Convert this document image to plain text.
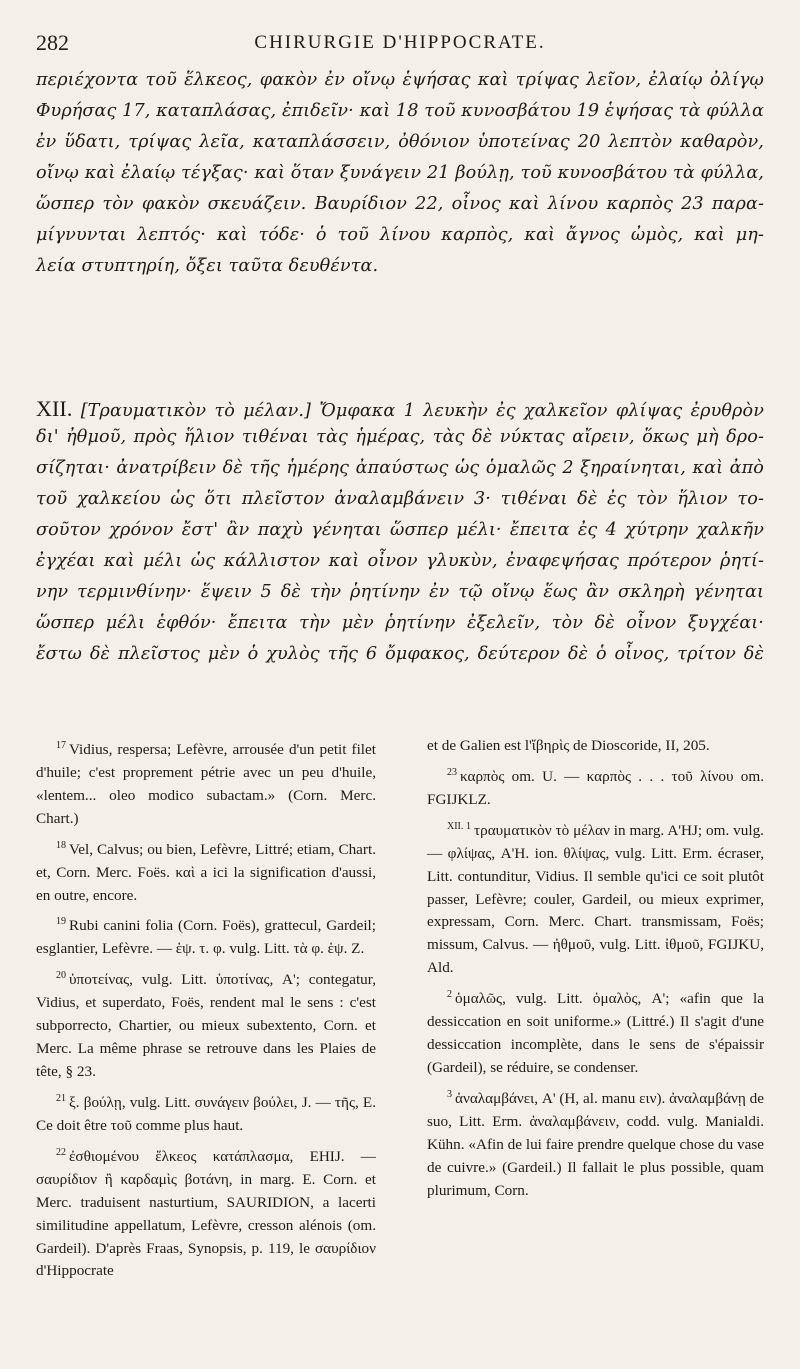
282	CHIRURGIE D'HIPPOCRATE.
περιέχοντα τοῦ ἕλκεος, φακὸν ἐν οἴνῳ ἑψήσας καὶ τρίψας λεῖον, ἐλαίῳ ὀλίγῳ
Φυρήσας 17, καταπλάσας, ἐπιδεῖν· καὶ 18 τοῦ κυνοσβάτου 19 ἑψήσας τὰ φύλλα
ἐν ὕδατι, τρίψας λεῖα, καταπλάσσειν, ὀθόνιον ὑποτείνας 20 λεπτὸν καθαρὸν,
οἴνῳ καὶ ἐλαίῳ τέγξας· καὶ ὅταν ξυνάγειν 21 βούλῃ, τοῦ κυνοσβάτου τὰ φύλλα,
ὥσπερ τὸν φακὸν σκευάζειν. Βαυρίδιον 22, οἶνος καὶ λίνου καρπὸς 23 παρα-
μίγνυνται λεπτός· καὶ τόδε· ὁ τοῦ λίνου καρπὸς, καὶ ἄγνος ὠμὸς, καὶ μη-
λεία στυπτηρίη, ὄξει ταῦτα δευθέντα.
XII. [Τραυματικὸν τὸ μέλαν.] Ὄμφακα 1 λευκὴν ἐς χαλκεῖον φλίψας ἐρυθρὸν
δι' ἠθμοῦ, πρὸς ἥλιον τιθέναι τὰς ἡμέρας, τὰς δὲ νύκτας αἴρειν, ὅκως μὴ δρο-
σίζηται· ἀνατρίβειν δὲ τῆς ἡμέρης ἀπαύστως ὡς ὁμαλῶς 2 ξηραίνηται, καὶ ἀπὸ
τοῦ χαλκείου ὡς ὅτι πλεῖστον ἀναλαμβάνειν 3· τιθέναι δὲ ἐς τὸν ἥλιον το-
σοῦτον χρόνον ἔστ' ἂν παχὺ γένηται ὥσπερ μέλι· ἔπειτα ἐς 4 χύτρην χαλκῆν
ἐγχέαι καὶ μέλι ὡς κάλλιστον καὶ οἶνον γλυκὺν, ἐναφεψήσας πρότερον ῥητί-
νην τερμινθίνην· ἕψειν 5 δὲ τὴν ῥητίνην ἐν τῷ οἴνῳ ἕως ἂν σκληρὴ γένηται
ὥσπερ μέλι ἑφθόν· ἔπειτα τὴν μὲν ῥητίνην ἐξελεῖν, τὸν δὲ οἶνον ξυγχέαι·
ἔστω δὲ πλεῖστος μὲν ὁ χυλὸς τῆς 6 ὄμφακος, δεύτερον δὲ ὁ οἶνος, τρίτον δὲ

$^{17}$ Vidius, respersa; Lefèvre, arrousée d'un petit filet d'huile; c'est proprement pétrie avec un peu d'huile, «lentem... oleo modico subactam.» (Corn. Merc. Chart.)

$^{18}$ Vel, Calvus; ou bien, Lefèvre, Littré; etiam, Chart. et, Corn. Merc. Foës. καὶ a ici la signification d'aussi, en outre, encore.

$^{19}$ Rubi canini folia (Corn. Foës), grattecul, Gardeil; esglantier, Lefèvre. — ἑψ. τ. φ. vulg. Litt. τὰ φ. ἑψ. Z.

$^{20}$ ὑποτείνας, vulg. Litt. ὑποτίνας, A'; contegatur, Vidius, et superdato, Foës, rendent mal le sens : c'est subporrecto, Chartier, ou mieux subextento, Corn. et Merc. La même phrase se retrouve dans les Plaies de tête, § 23.

$^{21}$ ξ. βούλῃ, vulg. Litt. συνάγειν βούλει, J. — τῆς, E. Ce doit être τοῦ comme plus haut.

$^{22}$ ἐσθιομένου ἕλκεος κατάπλασμα, EHIJ. — σαυρίδιον ἢ καρδαμὶς βοτάνη, in marg. E. Corn. et Merc. traduisent nasturtium, SAURIDION, a lacerti similitudine appellatum, Lefèvre, cresson alénois (om. Gardeil). D'après Fraas, Synopsis, p. 119, le σαυρίδιον d'Hippocrate

et de Galien est l'ἴβηρὶς de Dioscoride, II, 205.

$^{23}$ καρπὸς om. U. — καρπὸς . . . τοῦ λίνου om. FGIJKLZ.

$^{XII. 1}$ τραυματικὸν τὸ μέλαν in marg. A'HJ; om. vulg. — φλίψας, A'H. ion. θλίψας, vulg. Litt. Erm. écraser, Litt. contunditur, Vidius. Il semble qu'ici ce soit plutôt passer, Lefèvre; couler, Gardeil, ou mieux exprimer, expressam, Corn. Merc. Chart. transmissam, Foës; missum, Calvus. — ἠθμοῦ, vulg. Litt. ἰθμοῦ, FGIJKU, Ald.

$^2$ ὁμαλῶς, vulg. Litt. ὁμαλὸς, A'; «afin que la dessiccation en soit uniforme.» (Littré.) Il s'agit d'une dessiccation incomplète, dans le sens de s'épaissir (Gardeil), se réduire, se condenser.

$^3$ ἀναλαμβάνει, A' (H, al. manu ειν). ἀναλαμβάνῃ de suo, Litt. Erm. ἀναλαμβάνειν, codd. vulg. Manialdi. Kühn. «Afin de lui faire prendre quelque chose du vase de cuivre.» (Gardeil.) Il fallait le plus possible, quam plurimum, Corn.
